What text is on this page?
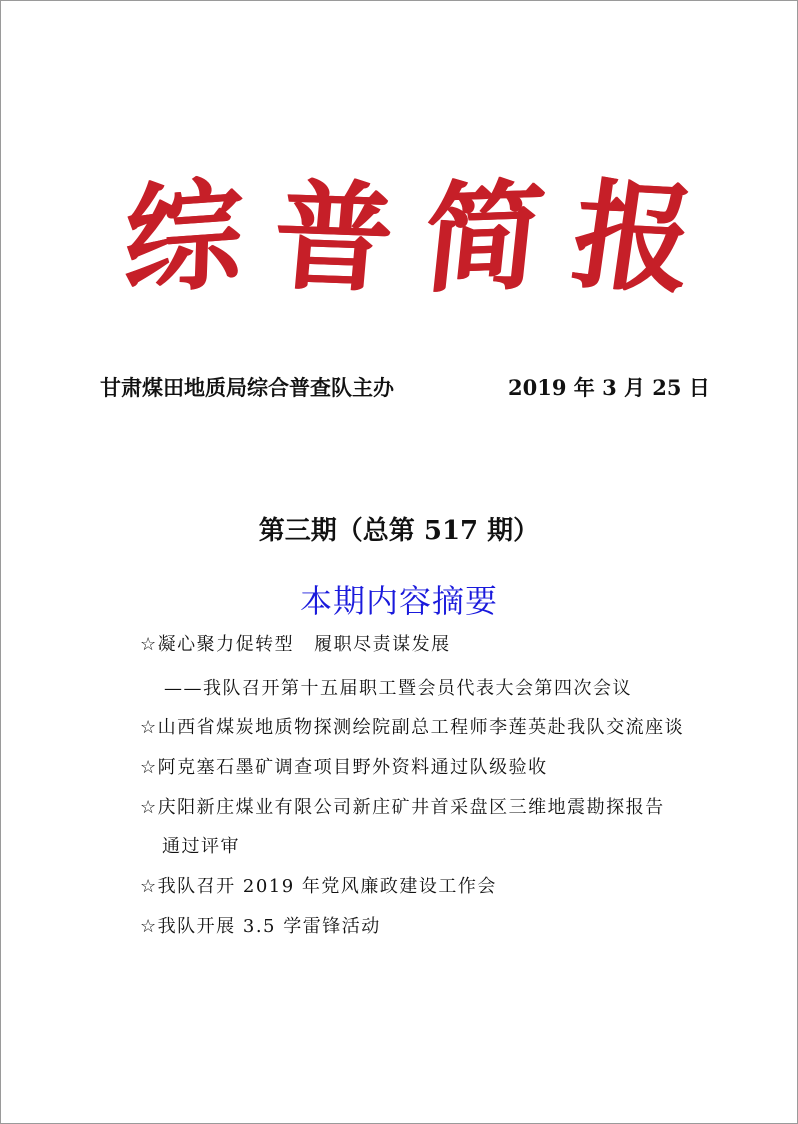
综 普 简 报
甘肃煤田地质局综合普查队主办	2019 年 3 月 25 日
第三期（总第 517 期）
本期内容摘要
☆凝心聚力促转型 履职尽责谋发展
——我队召开第十五届职工暨会员代表大会第四次会议
☆山西省煤炭地质物探测绘院副总工程师李莲英赴我队交流座谈
☆阿克塞石墨矿调查项目野外资料通过队级验收
☆庆阳新庄煤业有限公司新庄矿井首采盘区三维地震勘探报告
通过评审
☆我队召开 2019 年党风廉政建设工作会
☆我队开展 3.5 学雷锋活动
